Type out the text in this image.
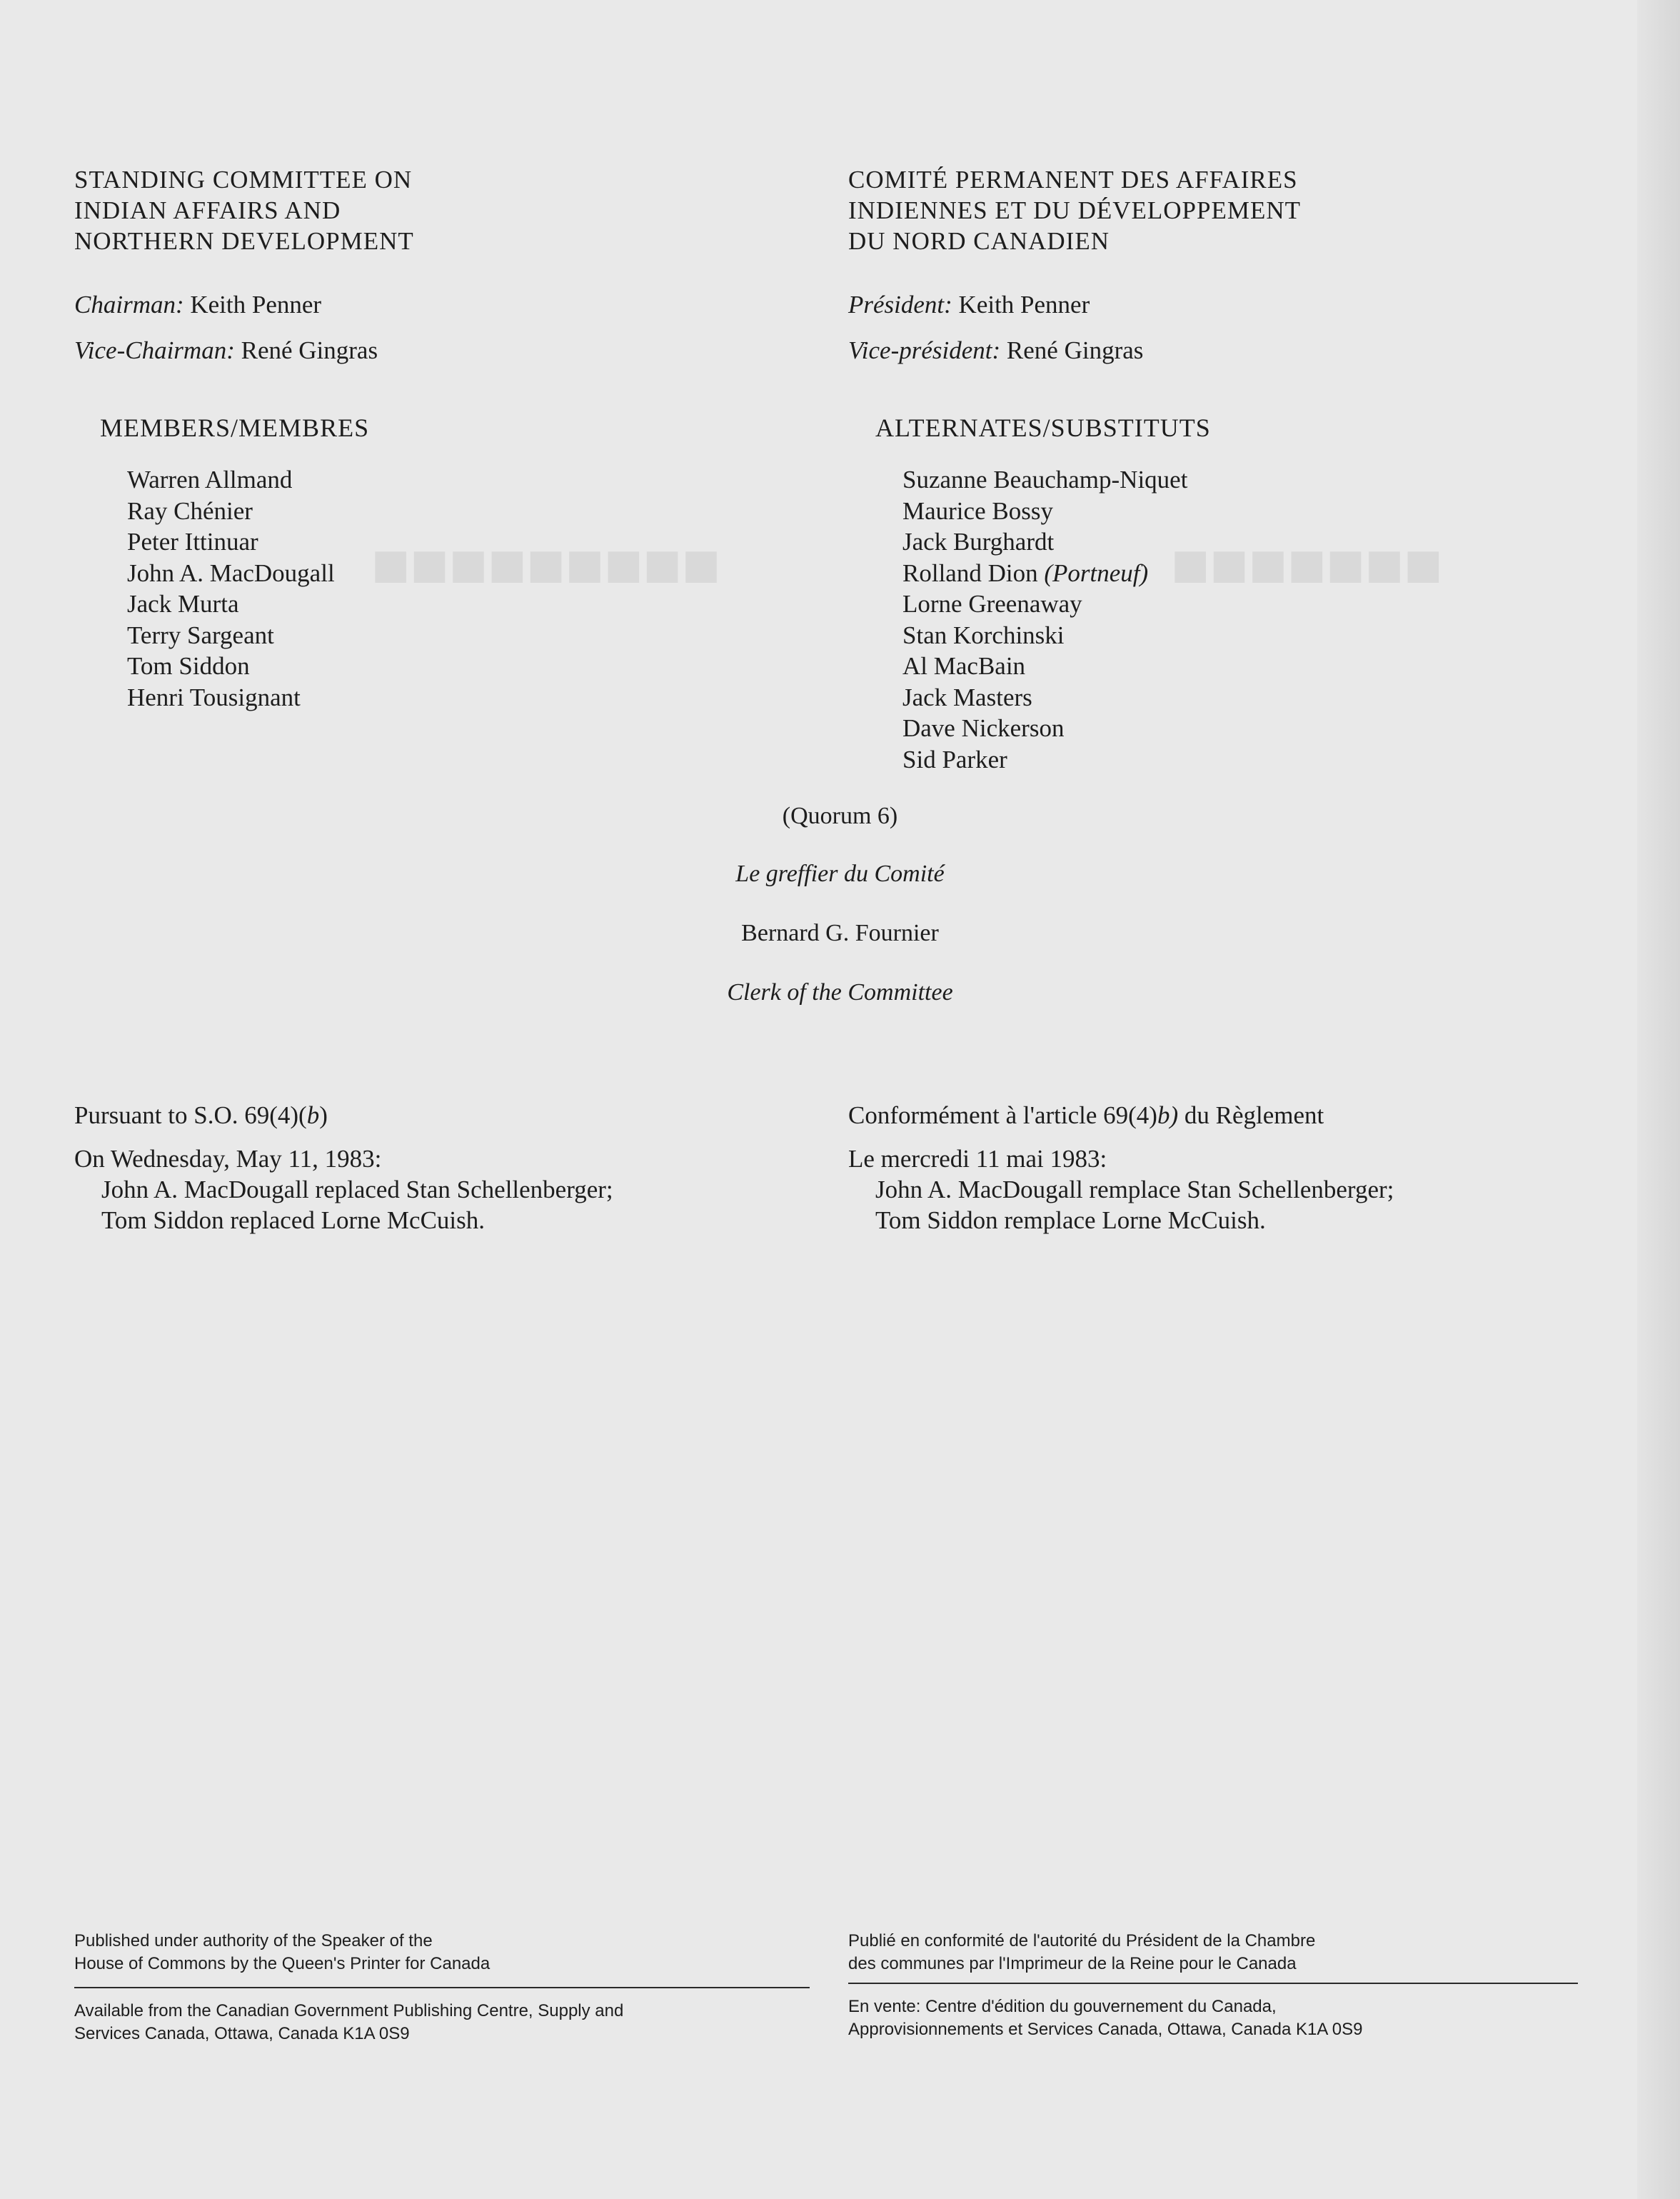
■■■■■■■
■■■■■■■■■
STANDING COMMITTEE ON
INDIAN AFFAIRS AND
NORTHERN DEVELOPMENT
COMITÉ PERMANENT DES AFFAIRES
INDIENNES ET DU DÉVELOPPEMENT
DU NORD CANADIEN
Chairman: Keith Penner
Vice-Chairman: René Gingras
Président: Keith Penner
Vice-président: René Gingras
MEMBERS/MEMBRES
Warren Allmand
Ray Chénier
Peter Ittinuar
John A. MacDougall
Jack Murta
Terry Sargeant
Tom Siddon
Henri Tousignant
ALTERNATES/SUBSTITUTS
Suzanne Beauchamp-Niquet
Maurice Bossy
Jack Burghardt
Rolland Dion (Portneuf)
Lorne Greenaway
Stan Korchinski
Al MacBain
Jack Masters
Dave Nickerson
Sid Parker
(Quorum 6)
Le greffier du Comité
Bernard G. Fournier
Clerk of the Committee
Pursuant to S.O. 69(4)(b)
On Wednesday, May 11, 1983:
John A. MacDougall replaced Stan Schellenberger;
Tom Siddon replaced Lorne McCuish.
Conformément à l'article 69(4)b) du Règlement
Le mercredi 11 mai 1983:
John A. MacDougall remplace Stan Schellenberger;
Tom Siddon remplace Lorne McCuish.
Published under authority of the Speaker of the
House of Commons by the Queen's Printer for Canada
Publié en conformité de l'autorité du Président de la Chambre
des communes par l'Imprimeur de la Reine pour le Canada
Available from the Canadian Government Publishing Centre, Supply and
Services Canada, Ottawa, Canada K1A 0S9
En vente: Centre d'édition du gouvernement du Canada,
Approvisionnements et Services Canada, Ottawa, Canada K1A 0S9
